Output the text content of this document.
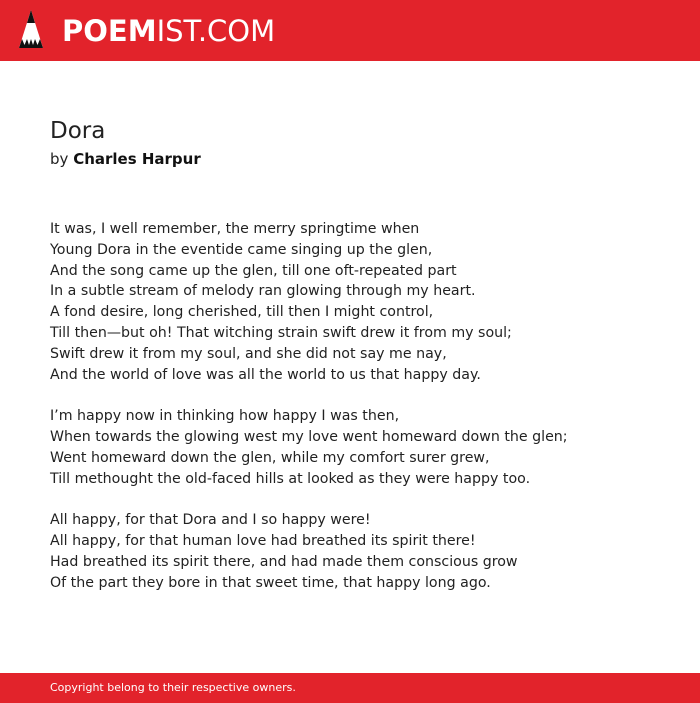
POEMIST.COM
Dora
by Charles Harpur
It was, I well remember, the merry springtime when
Young Dora in the eventide came singing up the glen,
And the song came up the glen, till one oft-repeated part
In a subtle stream of melody ran glowing through my heart.
A fond desire, long cherished, till then I might control,
Till then—but oh! That witching strain swift drew it from my soul;
Swift drew it from my soul, and she did not say me nay,
And the world of love was all the world to us that happy day.
I’m happy now in thinking how happy I was then,
When towards the glowing west my love went homeward down the glen;
Went homeward down the glen, while my comfort surer grew,
Till methought the old-faced hills at looked as they were happy too.
All happy, for that Dora and I so happy were!
All happy, for that human love had breathed its spirit there!
Had breathed its spirit there, and had made them conscious grow
Of the part they bore in that sweet time, that happy long ago.
Copyright belong to their respective owners.
